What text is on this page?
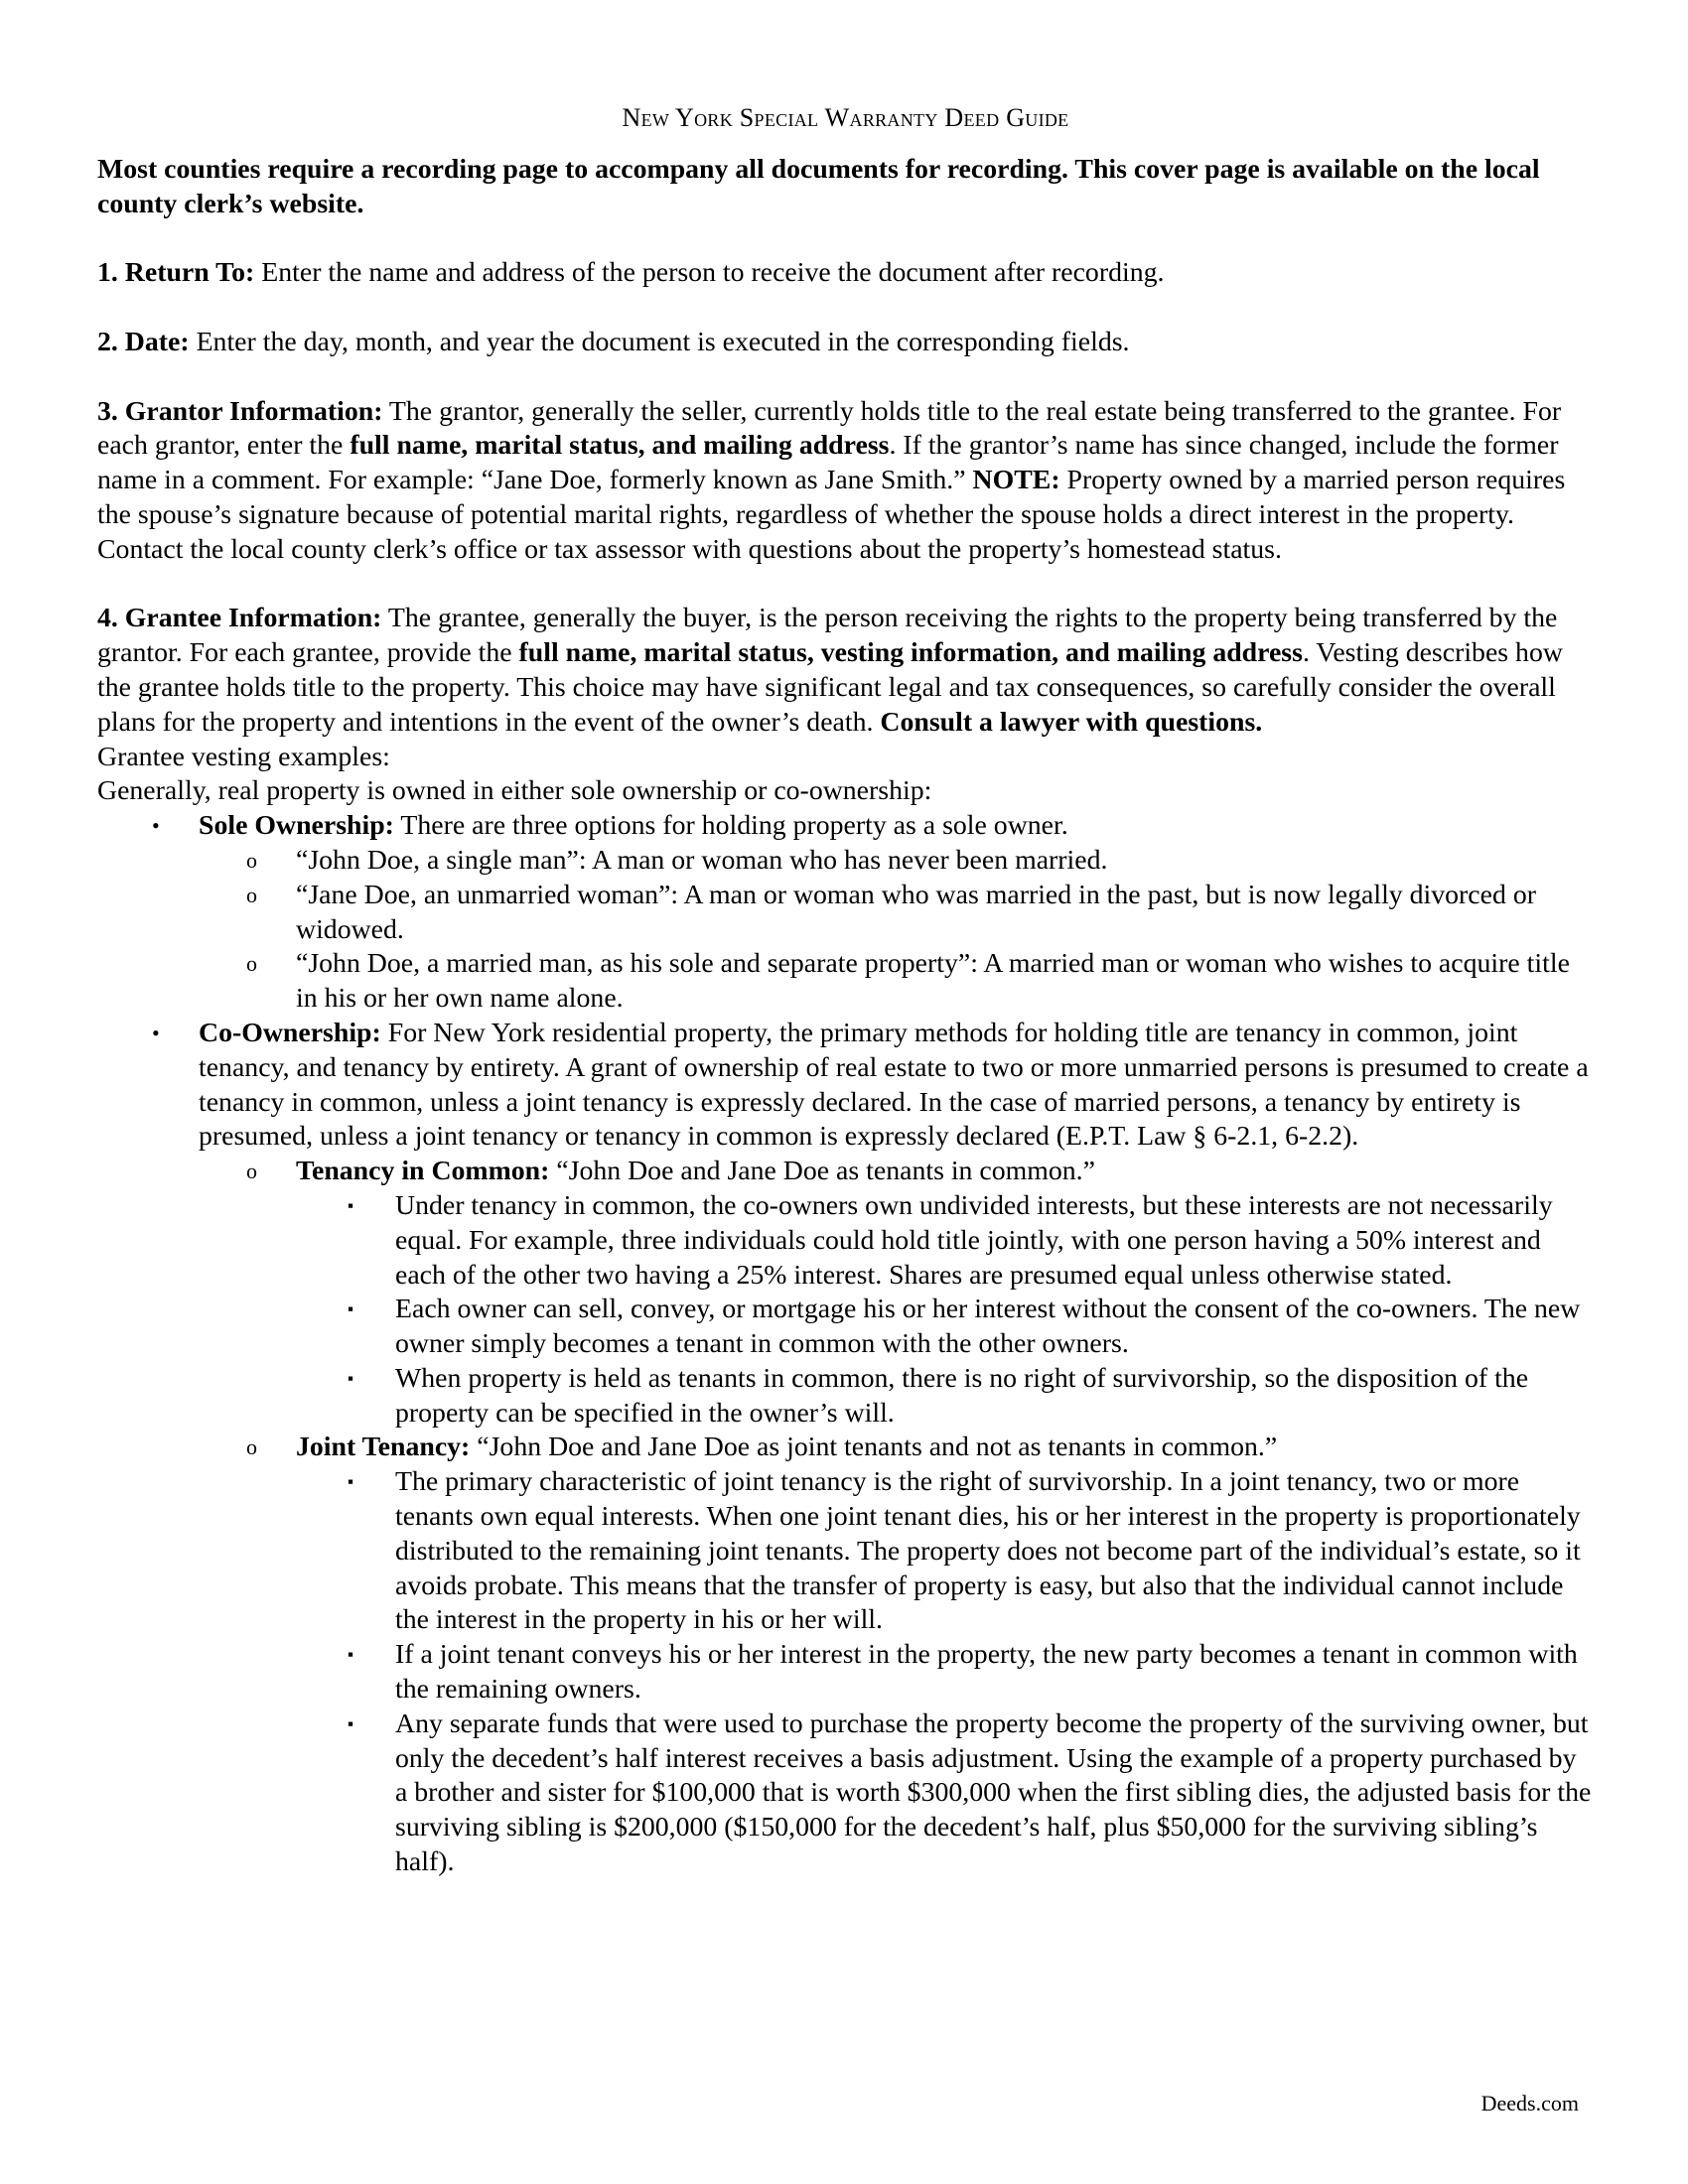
New York Special Warranty Deed Guide

Most counties require a recording page to accompany all documents for recording. This cover page is available on the local county clerk’s website.

1. Return To: Enter the name and address of the person to receive the document after recording.

2. Date: Enter the day, month, and year the document is executed in the corresponding fields.

3. Grantor Information: The grantor, generally the seller, currently holds title to the real estate being transferred to the grantee. For each grantor, enter the full name, marital status, and mailing address. If the grantor’s name has since changed, include the former name in a comment. For example: “Jane Doe, formerly known as Jane Smith.” NOTE: Property owned by a married person requires the spouse’s signature because of potential marital rights, regardless of whether the spouse holds a direct interest in the property. Contact the local county clerk’s office or tax assessor with questions about the property’s homestead status.

4. Grantee Information: The grantee, generally the buyer, is the person receiving the rights to the property being transferred by the grantor. For each grantee, provide the full name, marital status, vesting information, and mailing address. Vesting describes how the grantee holds title to the property. This choice may have significant legal and tax consequences, so carefully consider the overall plans for the property and intentions in the event of the owner’s death. Consult a lawyer with questions.

Grantee vesting examples:

Generally, real property is owned in either sole ownership or co-ownership:

• Sole Ownership: There are three options for holding property as a sole owner.
o “John Doe, a single man”: A man or woman who has never been married.
o “Jane Doe, an unmarried woman”: A man or woman who was married in the past, but is now legally divorced or widowed.
o “John Doe, a married man, as his sole and separate property”: A married man or woman who wishes to acquire title in his or her own name alone.
• Co-Ownership: For New York residential property, the primary methods for holding title are tenancy in common, joint tenancy, and tenancy by entirety. A grant of ownership of real estate to two or more unmarried persons is presumed to create a tenancy in common, unless a joint tenancy is expressly declared. In the case of married persons, a tenancy by entirety is presumed, unless a joint tenancy or tenancy in common is expressly declared (E.P.T. Law § 6-2.1, 6-2.2).
o Tenancy in Common: “John Doe and Jane Doe as tenants in common.”
▪ Under tenancy in common, the co-owners own undivided interests, but these interests are not necessarily equal. For example, three individuals could hold title jointly, with one person having a 50% interest and each of the other two having a 25% interest. Shares are presumed equal unless otherwise stated.
▪ Each owner can sell, convey, or mortgage his or her interest without the consent of the co-owners. The new owner simply becomes a tenant in common with the other owners.
▪ When property is held as tenants in common, there is no right of survivorship, so the disposition of the property can be specified in the owner’s will.
o Joint Tenancy: “John Doe and Jane Doe as joint tenants and not as tenants in common.”
▪ The primary characteristic of joint tenancy is the right of survivorship. In a joint tenancy, two or more tenants own equal interests. When one joint tenant dies, his or her interest in the property is proportionately distributed to the remaining joint tenants. The property does not become part of the individual’s estate, so it avoids probate. This means that the transfer of property is easy, but also that the individual cannot include the interest in the property in his or her will.
▪ If a joint tenant conveys his or her interest in the property, the new party becomes a tenant in common with the remaining owners.
▪ Any separate funds that were used to purchase the property become the property of the surviving owner, but only the decedent’s half interest receives a basis adjustment. Using the example of a property purchased by a brother and sister for $100,000 that is worth $300,000 when the first sibling dies, the adjusted basis for the surviving sibling is $200,000 ($150,000 for the decedent’s half, plus $50,000 for the surviving sibling’s half).
Deeds.com
